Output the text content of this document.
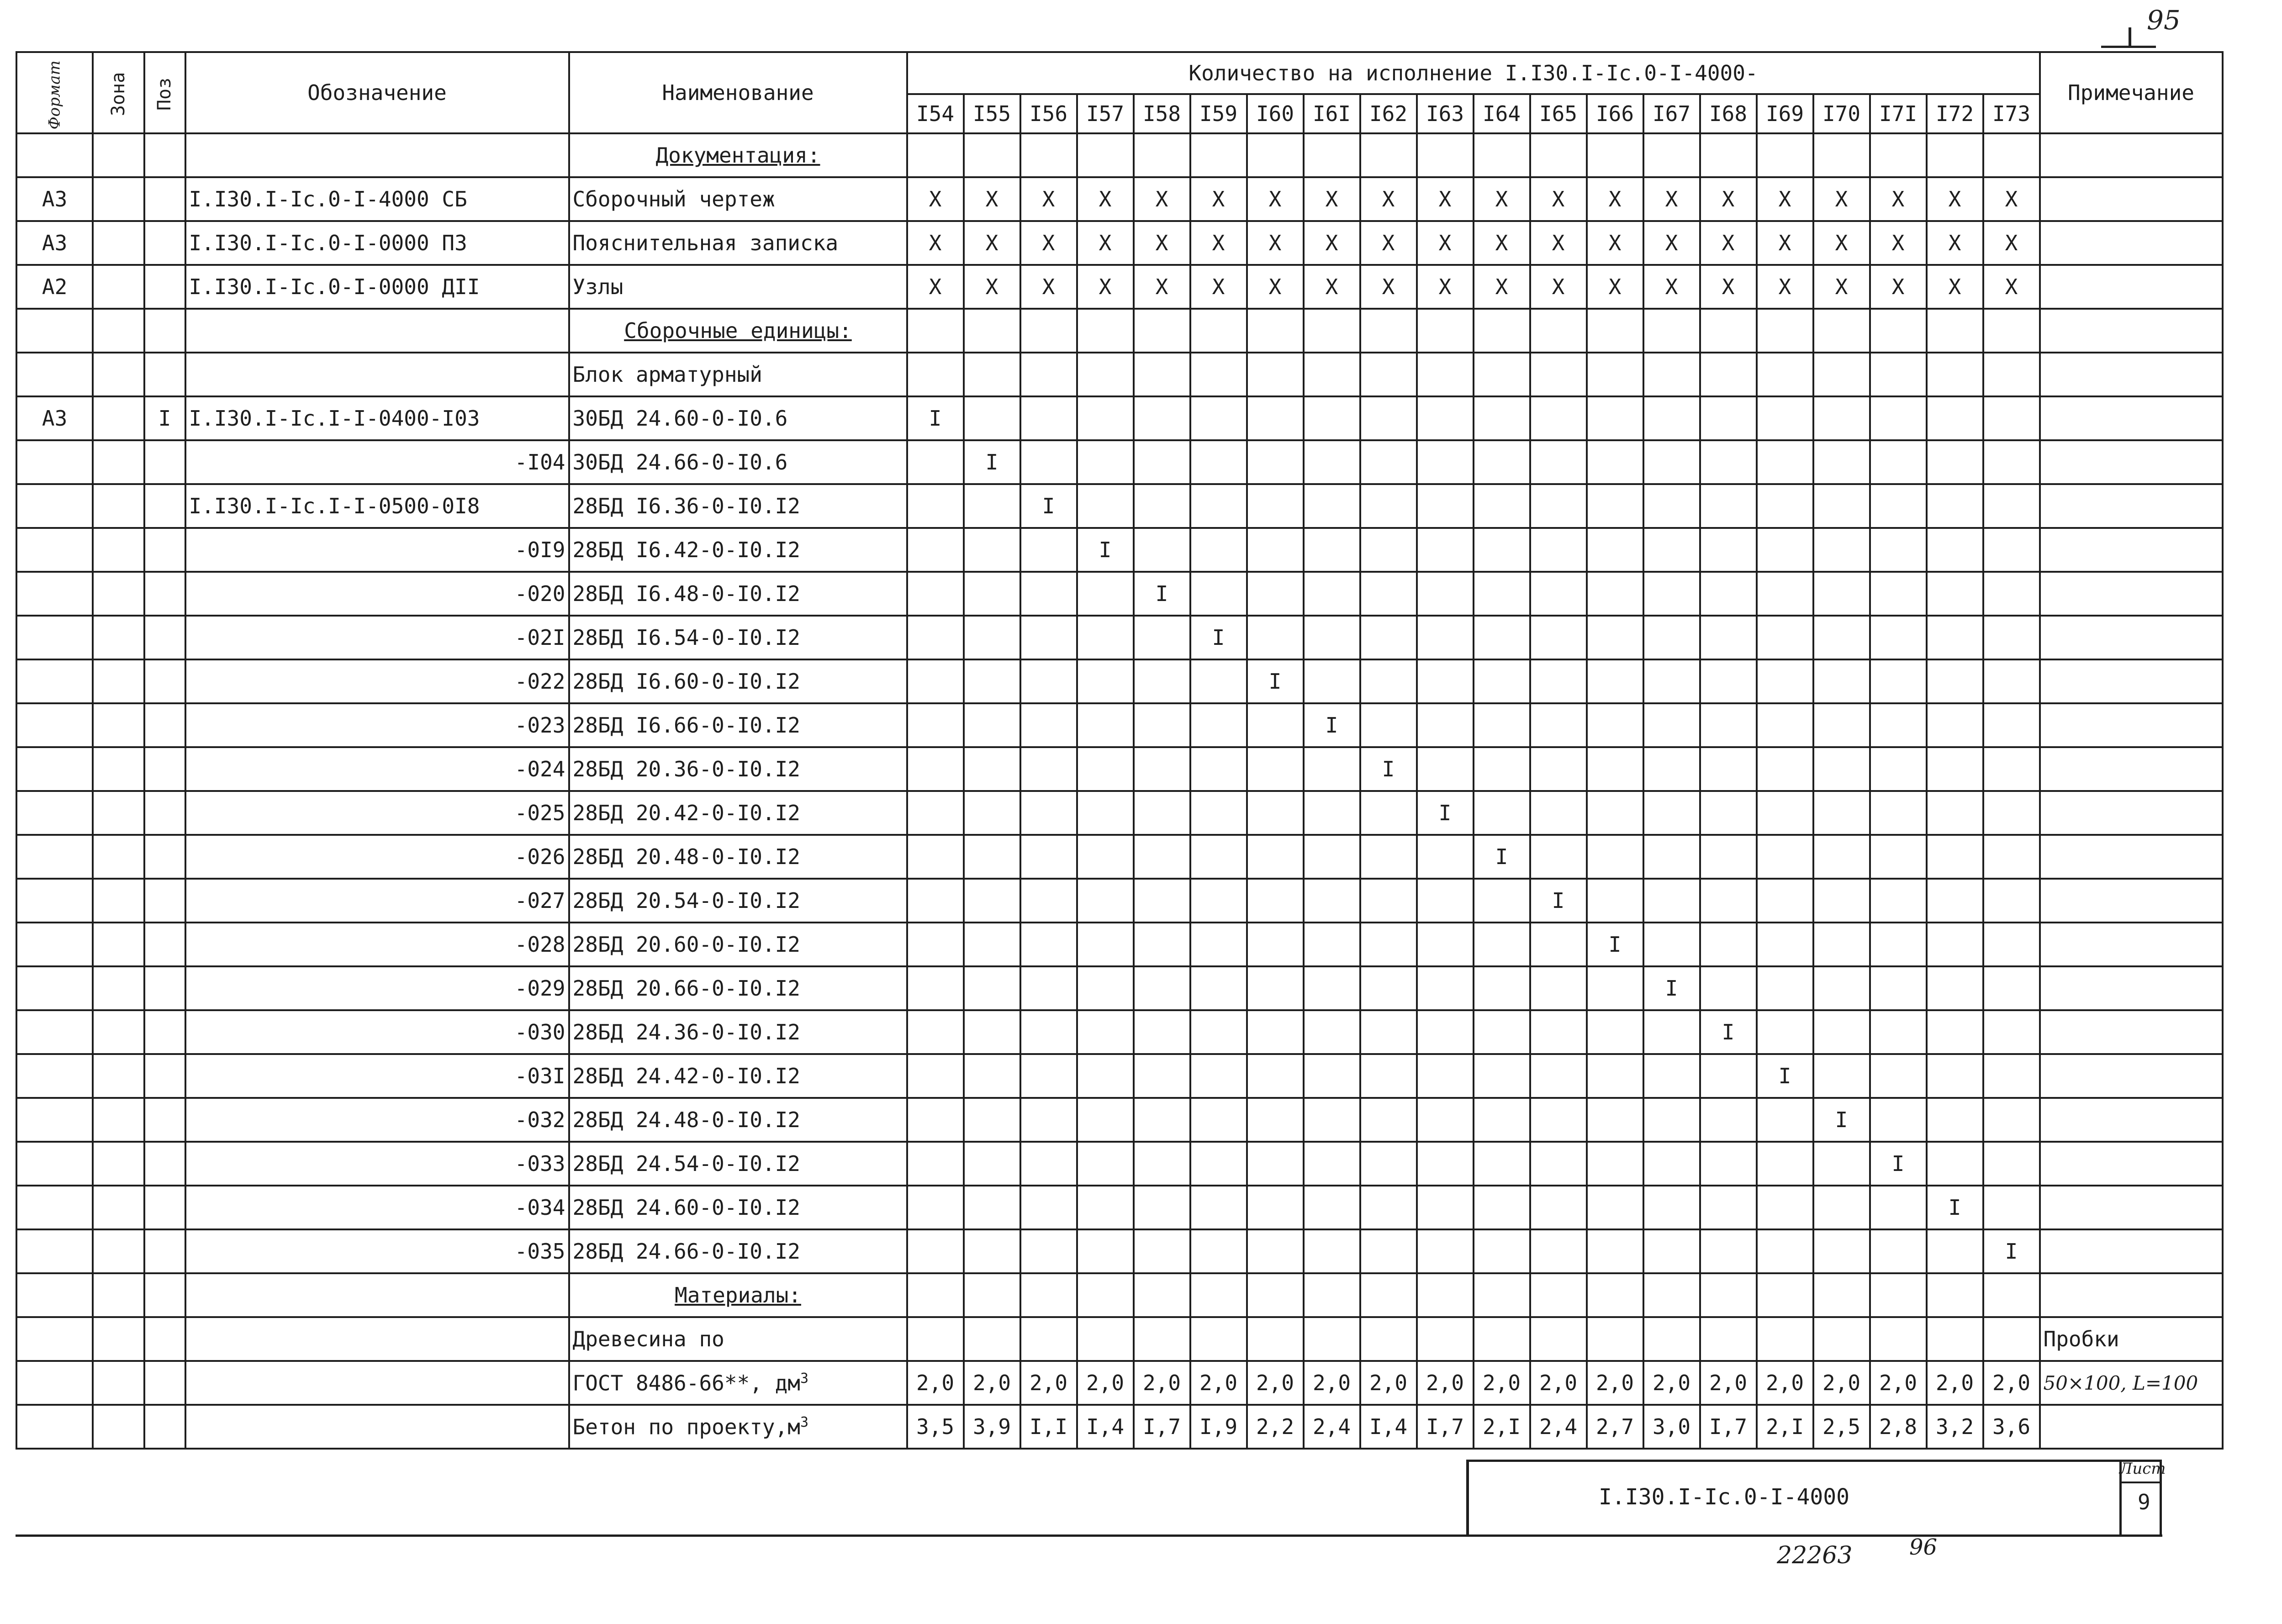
95
Формат	Зона	Поз	Обозначение	Наименование	Количество на исполнение I.I30.I-Ic.0-I-4000-																				Примечание
					I54	I55	I56	I57	I58	I59	I60	I6I	I62	I63	I64	I65	I66	I67	I68	I69	I70	I7I	I72	I73	
				Документация:																					
А3			I.I30.I-Ic.0-I-4000 СБ	Сборочный чертеж	X	X	X	X	X	X	X	X	X	X	X	X	X	X	X	X	X	X	X	X	
А3			I.I30.I-Ic.0-I-0000 ПЗ	Пояснительная записка	X	X	X	X	X	X	X	X	X	X	X	X	X	X	X	X	X	X	X	X	
А2			I.I30.I-Ic.0-I-0000 ДII	Узлы	X	X	X	X	X	X	X	X	X	X	X	X	X	X	X	X	X	X	X	X	
				Сборочные единицы:																					
				Блок арматурный																					
А3		I	I.I30.I-Ic.I-I-0400-I03	30БД 24.60-0-I0.6	I																				
			-I04	30БД 24.66-0-I0.6		I																			
			I.I30.I-Ic.I-I-0500-0I8	28БД I6.36-0-I0.I2			I																		
			-0I9	28БД I6.42-0-I0.I2				I																	
			-020	28БД I6.48-0-I0.I2					I																
			-02I	28БД I6.54-0-I0.I2						I															
			-022	28БД I6.60-0-I0.I2							I														
			-023	28БД I6.66-0-I0.I2								I													
			-024	28БД 20.36-0-I0.I2									I												
			-025	28БД 20.42-0-I0.I2										I											
			-026	28БД 20.48-0-I0.I2											I										
			-027	28БД 20.54-0-I0.I2												I									
			-028	28БД 20.60-0-I0.I2													I								
			-029	28БД 20.66-0-I0.I2														I							
			-030	28БД 24.36-0-I0.I2															I						
			-03I	28БД 24.42-0-I0.I2																I					
			-032	28БД 24.48-0-I0.I2																	I				
			-033	28БД 24.54-0-I0.I2																		I			
			-034	28БД 24.60-0-I0.I2																			I		
			-035	28БД 24.66-0-I0.I2																				I	
				Материалы:																					
				Древесина по																					Пробки
				ГОСТ 8486-66**, $дм^3$	2,0	2,0	2,0	2,0	2,0	2,0	2,0	2,0	2,0	2,0	2,0	2,0	2,0	2,0	2,0	2,0	2,0	2,0	2,0	2,0	50×100, L=100
				Бетон по $проекту,м^3$	3,5	3,9	I,I	I,4	I,7	I,9	2,2	2,4	I,4	I,7	2,I	2,4	2,7	3,0	I,7	2,I	2,5	2,8	3,2	3,6	
I.I30.I-Ic.0-I-4000
Лист
9
22263	96
